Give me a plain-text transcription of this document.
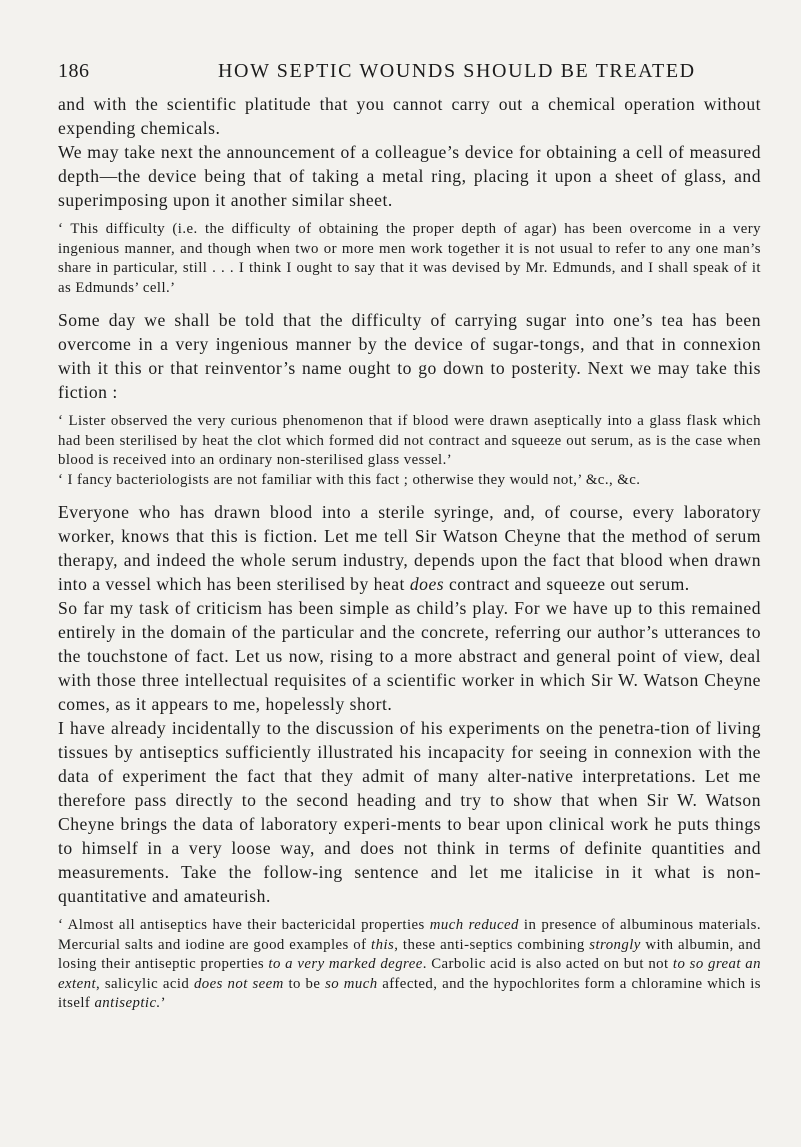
186	HOW SEPTIC WOUNDS SHOULD BE TREATED

and with the scientific platitude that you cannot carry out a chemical operation without expending chemicals.

We may take next the announcement of a colleague’s device for obtaining a cell of measured depth—the device being that of taking a metal ring, placing it upon a sheet of glass, and superimposing upon it another similar sheet.

‘ This difficulty (i.e. the difficulty of obtaining the proper depth of agar) has been overcome in a very ingenious manner, and though when two or more men work together it is not usual to refer to any one man’s share in particular, still . . . I think I ought to say that it was devised by Mr. Edmunds, and I shall speak of it as Edmunds’ cell.’

Some day we shall be told that the difficulty of carrying sugar into one’s tea has been overcome in a very ingenious manner by the device of sugar-tongs, and that in connexion with it this or that reinventor’s name ought to go down to posterity. Next we may take this fiction :

‘ Lister observed the very curious phenomenon that if blood were drawn aseptically into a glass flask which had been sterilised by heat the clot which formed did not contract and squeeze out serum, as is the case when blood is received into an ordinary non-sterilised glass vessel.’

‘ I fancy bacteriologists are not familiar with this fact ; otherwise they would not,’ &c., &c.

Everyone who has drawn blood into a sterile syringe, and, of course, every laboratory worker, knows that this is fiction. Let me tell Sir Watson Cheyne that the method of serum therapy, and indeed the whole serum industry, depends upon the fact that blood when drawn into a vessel which has been sterilised by heat does contract and squeeze out serum.

So far my task of criticism has been simple as child’s play. For we have up to this remained entirely in the domain of the particular and the concrete, referring our author’s utterances to the touchstone of fact. Let us now, rising to a more abstract and general point of view, deal with those three intellectual requisites of a scientific worker in which Sir W. Watson Cheyne comes, as it appears to me, hopelessly short.

I have already incidentally to the discussion of his experiments on the penetra-tion of living tissues by antiseptics sufficiently illustrated his incapacity for seeing in connexion with the data of experiment the fact that they admit of many alter-native interpretations. Let me therefore pass directly to the second heading and try to show that when Sir W. Watson Cheyne brings the data of laboratory experi-ments to bear upon clinical work he puts things to himself in a very loose way, and does not think in terms of definite quantities and measurements. Take the follow-ing sentence and let me italicise in it what is non-quantitative and amateurish.

‘ Almost all antiseptics have their bactericidal properties much reduced in presence of albuminous materials. Mercurial salts and iodine are good examples of this, these anti-septics combining strongly with albumin, and losing their antiseptic properties to a very marked degree. Carbolic acid is also acted on but not to so great an extent, salicylic acid does not seem to be so much affected, and the hypochlorites form a chloramine which is itself antiseptic.’
